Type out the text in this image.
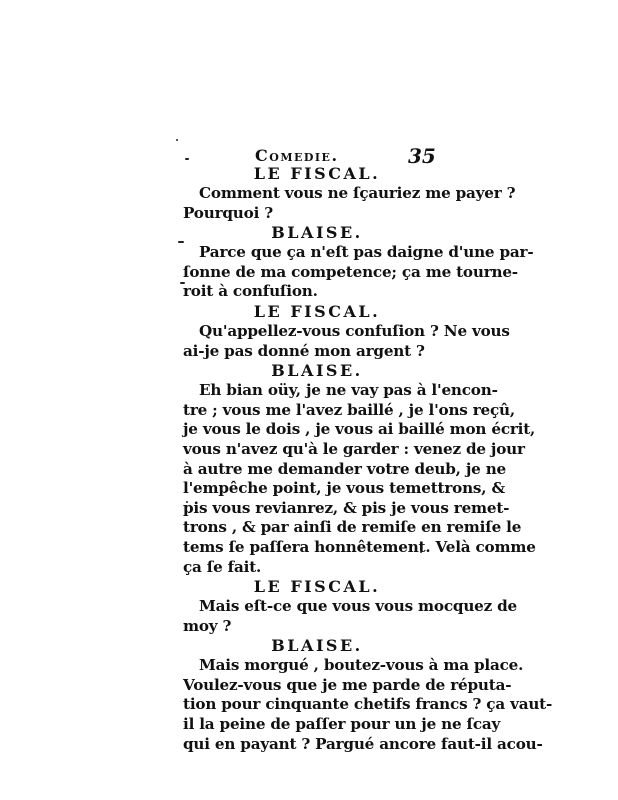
Comedie.	35
LE FISCAL.
Comment vous ne ſçauriez me payer ?
Pourquoi ?
BLAISE.
Parce que ça n'eſt pas daigne d'une par-
ſonne de ma competence; ça me tourne-
roit à confuſion.
LE FISCAL.
Qu'appellez-vous confuſion ? Ne vous
ai-je pas donné mon argent ?
BLAISE.
Eh bian oüy, je ne vay pas à l'encon-
tre ; vous me l'avez baillé , je l'ons reçû,
je vous le dois , je vous ai baillé mon écrit,
vous n'avez qu'à le garder : venez de jour
à autre me demander votre deub, je ne
l'empêche point, je vous temettrons, &
pis vous revianrez, & pis je vous remet-
trons , & par ainſi de remiſe en remiſe le
tems ſe paſſera honnêtement. Velà comme
ça ſe fait.
LE FISCAL.
Mais eſt-ce que vous vous mocquez de
moy ?
BLAISE.
Mais morgué , boutez-vous à ma place.
Voulez-vous que je me parde de réputa-
tion pour cinquante chetifs francs ? ça vaut-
il la peine de paſſer pour un je ne ſcay
qui en payant ? Pargué ancore faut-il acou-
